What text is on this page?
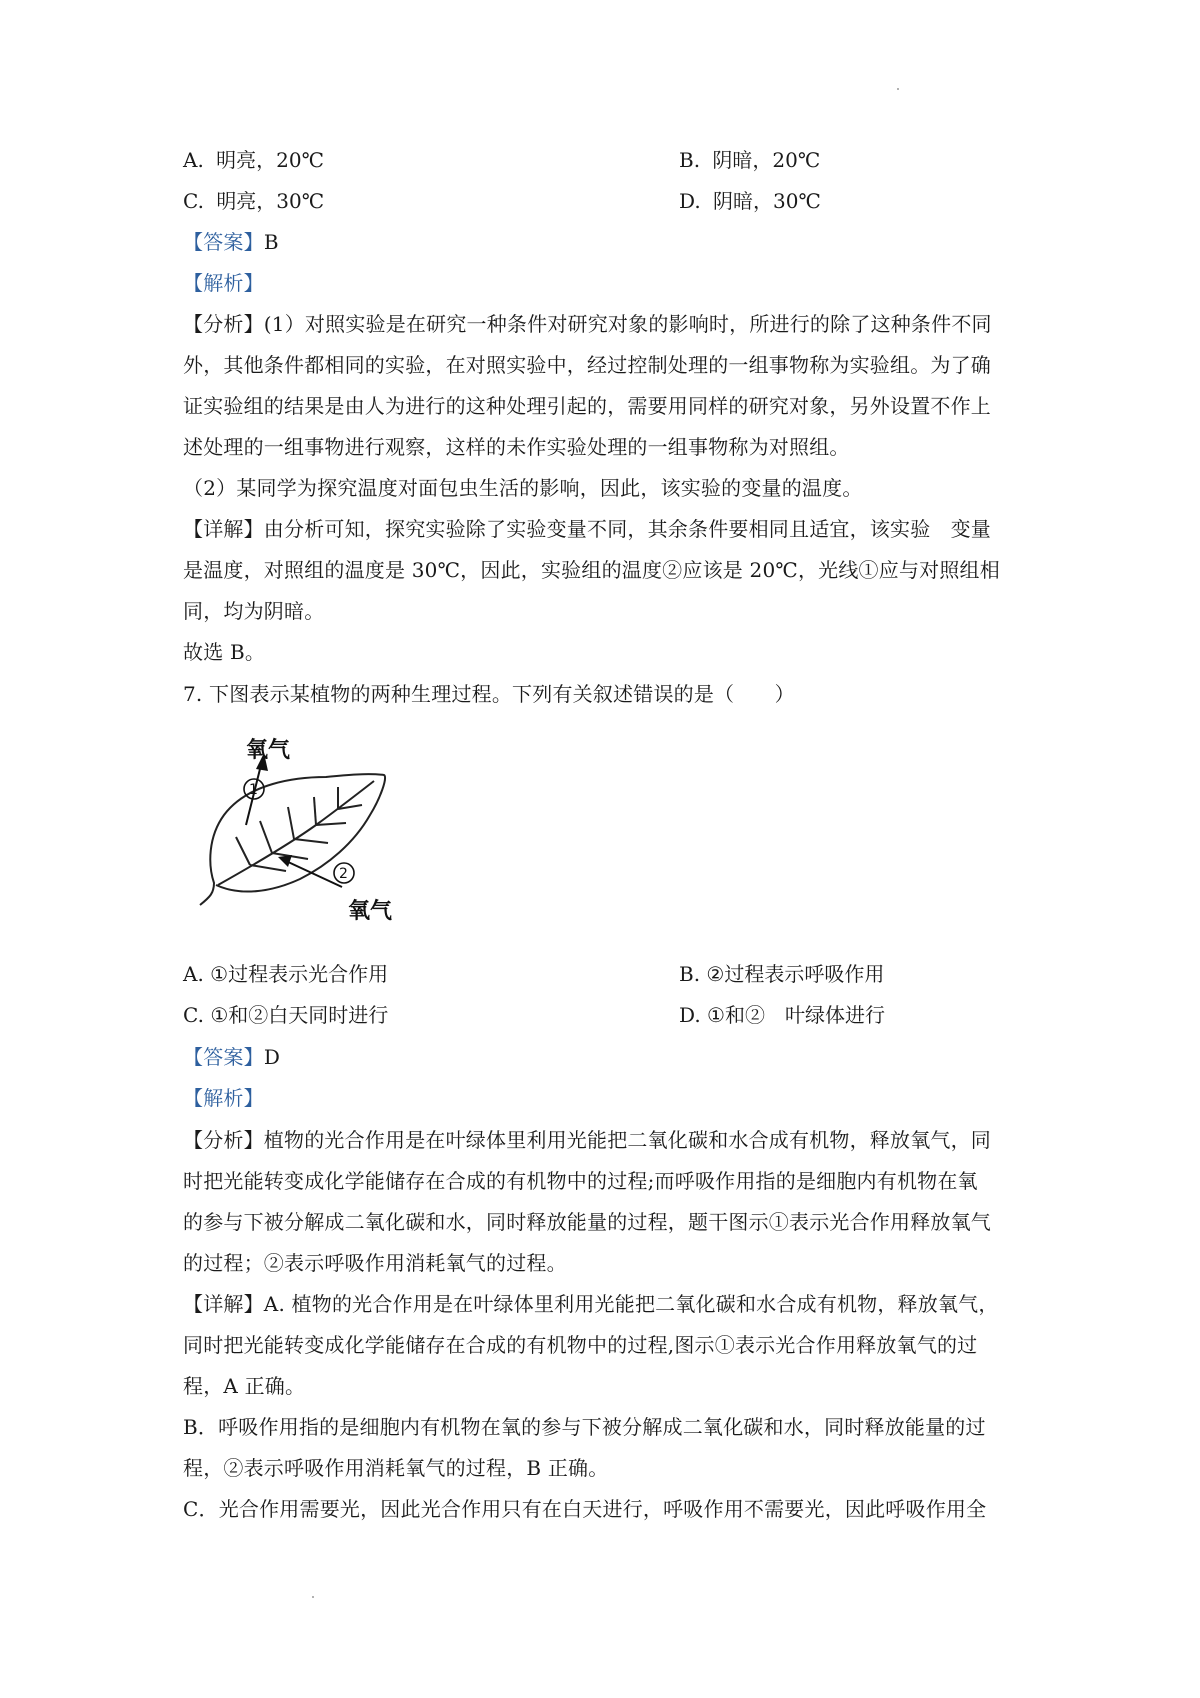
A. 明亮，20℃	B. 阴暗，20℃
C. 明亮，30℃	D. 阴暗，30℃
【答案】B
【解析】
【分析】(1）对照实验是在研究一种条件对研究对象的影响时，所进行的除了这种条件不同
外，其他条件都相同的实验，在对照实验中，经过控制处理的一组事物称为实验组。为了确
证实验组的结果是由人为进行的这种处理引起的，需要用同样的研究对象，另外设置不作上
述处理的一组事物进行观察，这样的未作实验处理的一组事物称为对照组。
（2）某同学为探究温度对面包虫生活的影响，因此，该实验的变量的温度。
【详解】由分析可知，探究实验除了实验变量不同，其余条件要相同且适宜，该实验　变量
是温度，对照组的温度是 30℃，因此，实验组的温度②应该是 20℃，光线①应与对照组相
同，均为阴暗。
故选 B。
7. 下图表示某植物的两种生理过程。下列有关叙述错误的是（　　）
氧气
氧气
1
2
A. ①过程表示光合作用	B. ②过程表示呼吸作用
C. ①和②白天同时进行	D. ①和②　叶绿体进行
【答案】D
【解析】
【分析】植物的光合作用是在叶绿体里利用光能把二氧化碳和水合成有机物，释放氧气，同
时把光能转变成化学能储存在合成的有机物中的过程;而呼吸作用指的是细胞内有机物在氧
的参与下被分解成二氧化碳和水，同时释放能量的过程，题干图示①表示光合作用释放氧气
的过程；②表示呼吸作用消耗氧气的过程。
【详解】A. 植物的光合作用是在叶绿体里利用光能把二氧化碳和水合成有机物，释放氧气，
同时把光能转变成化学能储存在合成的有机物中的过程,图示①表示光合作用释放氧气的过
程，A 正确。
B．呼吸作用指的是细胞内有机物在氧的参与下被分解成二氧化碳和水，同时释放能量的过
程，②表示呼吸作用消耗氧气的过程，B 正确。
C．光合作用需要光，因此光合作用只有在白天进行，呼吸作用不需要光，因此呼吸作用全
